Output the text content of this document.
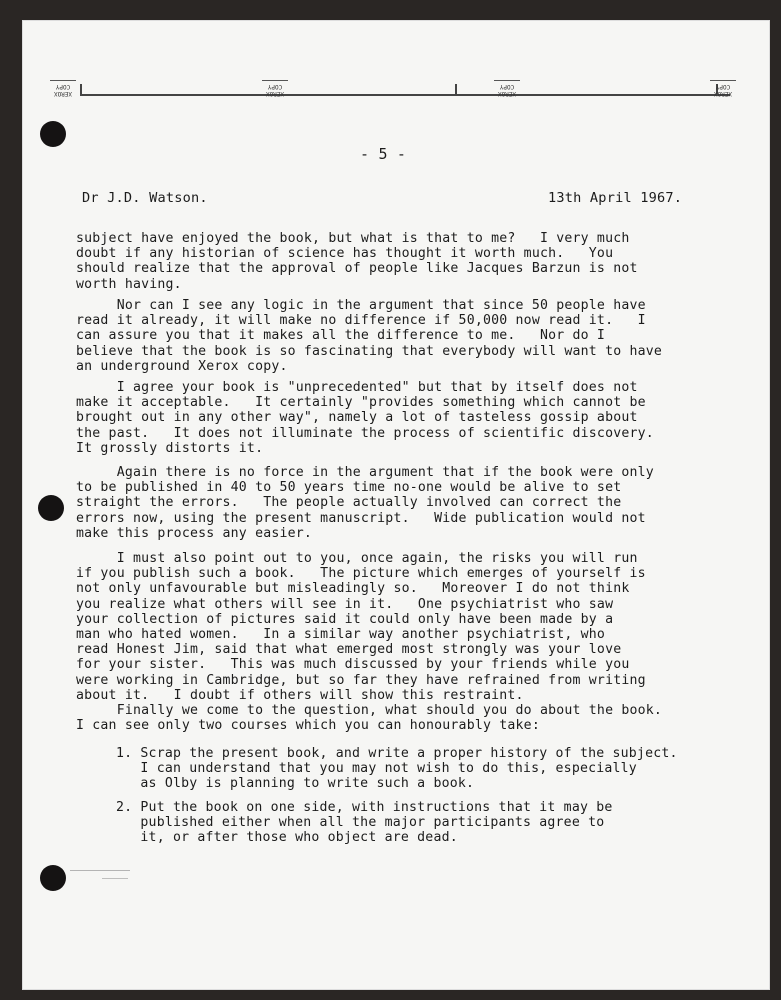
XEROX COPY
XEROX COPY
XEROX COPY
XEROX COPY
- 5 -
Dr J.D. Watson.	13th April 1967.
subject have enjoyed the book, but what is that to me?   I very much
doubt if any historian of science has thought it worth much.   You
should realize that the approval of people like Jacques Barzun is not
worth having.
Nor can I see any logic in the argument that since 50 people have
read it already, it will make no difference if 50,000 now read it.   I
can assure you that it makes all the difference to me.   Nor do I
believe that the book is so fascinating that everybody will want to have
an underground Xerox copy.
I agree your book is "unprecedented" but that by itself does not
make it acceptable.   It certainly "provides something which cannot be
brought out in any other way", namely a lot of tasteless gossip about
the past.   It does not illuminate the process of scientific discovery.
It grossly distorts it.
Again there is no force in the argument that if the book were only
to be published in 40 to 50 years time no-one would be alive to set
straight the errors.   The people actually involved can correct the
errors now, using the present manuscript.   Wide publication would not
make this process any easier.
I must also point out to you, once again, the risks you will run
if you publish such a book.   The picture which emerges of yourself is
not only unfavourable but misleadingly so.   Moreover I do not think
you realize what others will see in it.   One psychiatrist who saw
your collection of pictures said it could only have been made by a
man who hated women.   In a similar way another psychiatrist, who
read Honest Jim, said that what emerged most strongly was your love
for your sister.   This was much discussed by your friends while you
were working in Cambridge, but so far they have refrained from writing
about it.   I doubt if others will show this restraint.
Finally we come to the question, what should you do about the book.
I can see only two courses which you can honourably take:
1. Scrap the present book, and write a proper history of the subject.
I can understand that you may not wish to do this, especially
as Olby is planning to write such a book.
2. Put the book on one side, with instructions that it may be
published either when all the major participants agree to
it, or after those who object are dead.
